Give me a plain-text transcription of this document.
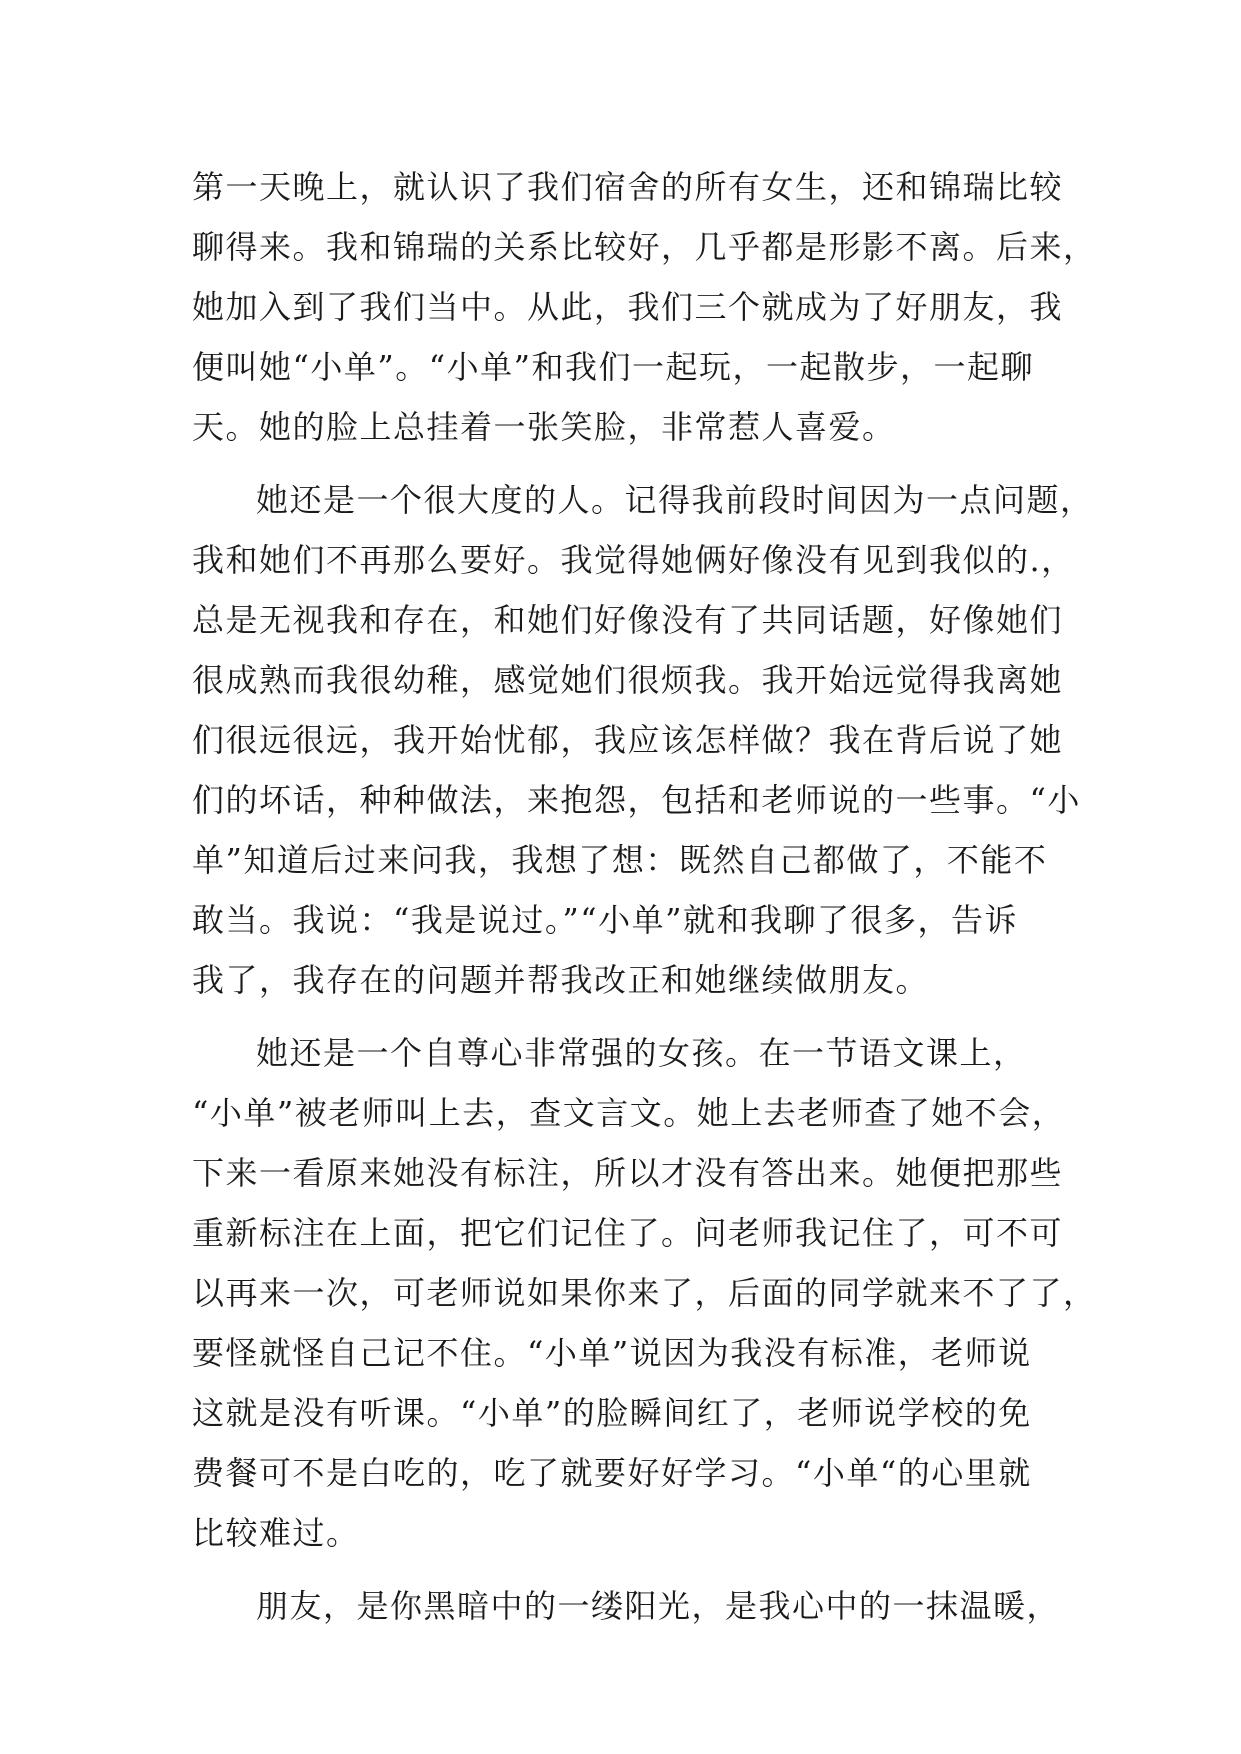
第一天晚上，就认识了我们宿舍的所有女生，还和锦瑞比较
聊得来。我和锦瑞的关系比较好，几乎都是形影不离。后来，
她加入到了我们当中。从此，我们三个就成为了好朋友，我
便叫她“小单”。“小单”和我们一起玩，一起散步，一起聊
天。她的脸上总挂着一张笑脸，非常惹人喜爱。
她还是一个很大度的人。记得我前段时间因为一点问题，
我和她们不再那么要好。我觉得她俩好像没有见到我似的.，
总是无视我和存在，和她们好像没有了共同话题，好像她们
很成熟而我很幼稚，感觉她们很烦我。我开始远觉得我离她
们很远很远，我开始忧郁，我应该怎样做？我在背后说了她
们的坏话，种种做法，来抱怨，包括和老师说的一些事。“小
单”知道后过来问我，我想了想：既然自己都做了，不能不
敢当。我说：“我是说过。”“小单”就和我聊了很多，告诉
我了，我存在的问题并帮我改正和她继续做朋友。
她还是一个自尊心非常强的女孩。在一节语文课上，
“小单”被老师叫上去，查文言文。她上去老师查了她不会，
下来一看原来她没有标注，所以才没有答出来。她便把那些
重新标注在上面，把它们记住了。问老师我记住了，可不可
以再来一次，可老师说如果你来了，后面的同学就来不了了，
要怪就怪自己记不住。“小单”说因为我没有标准，老师说
这就是没有听课。“小单”的脸瞬间红了，老师说学校的免
费餐可不是白吃的，吃了就要好好学习。“小单“的心里就
比较难过。
朋友，是你黑暗中的一缕阳光，是我心中的一抹温暖，
